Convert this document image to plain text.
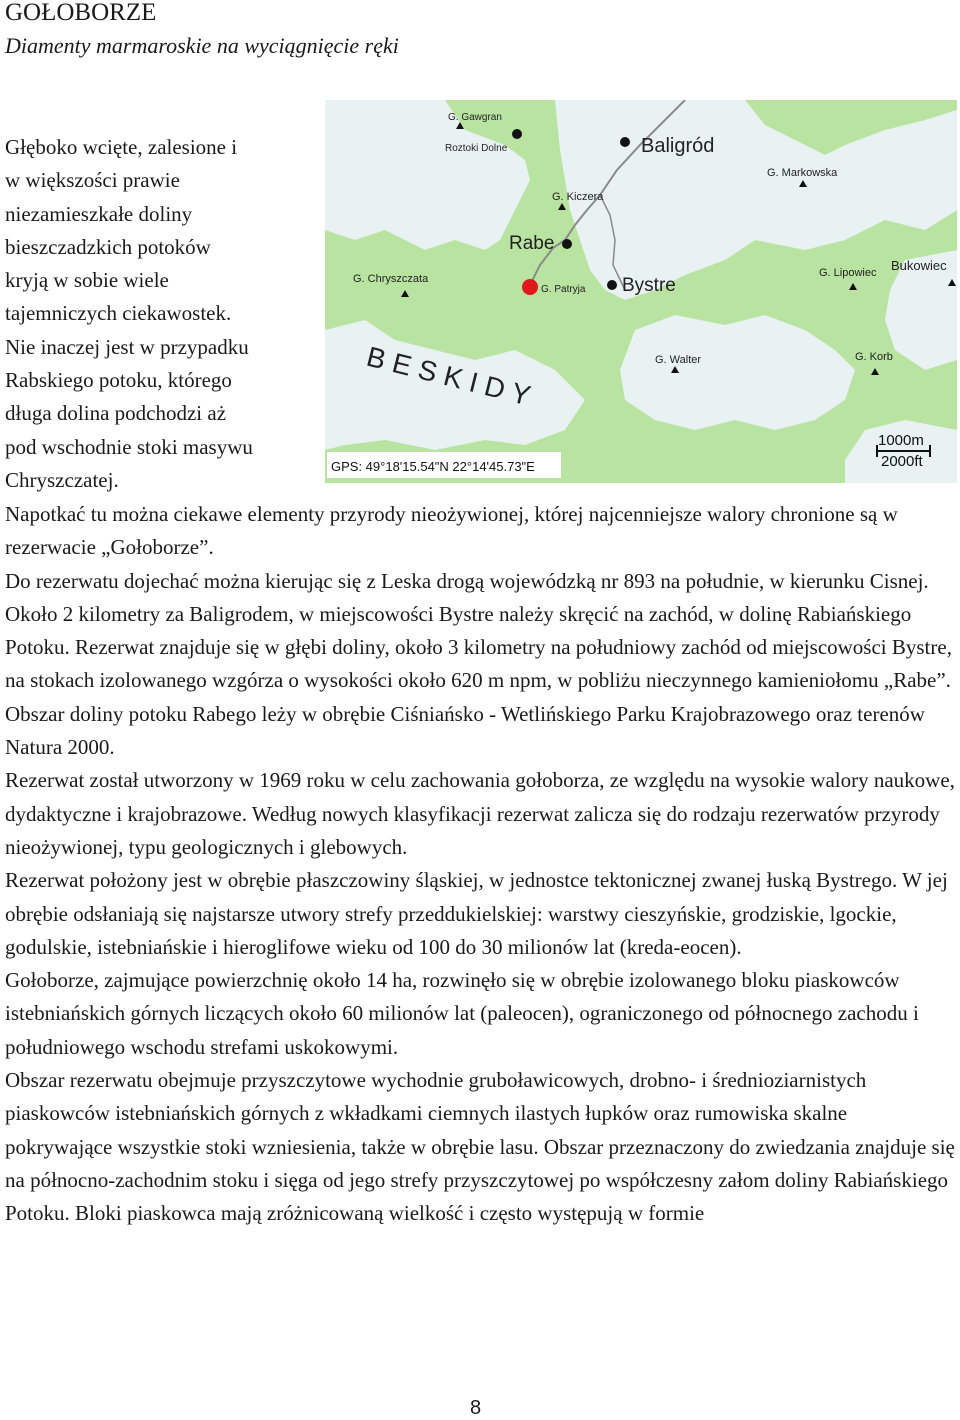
GOŁOBORZE
Diamenty marmaroskie na wyciągnięcie ręki
G. Gawgran
Roztoki Dolne	Baligród
G. Markowska
G. Kiczera
Rabe
G. Chryszczata
G. Patryja Bystre
G. Lipowiec Bukowiec
G. Walter	G. Korb
B E S K I D Y
GPS: 49°18'15.54"N 22°14'45.73"E
1000m
2000ft
Głęboko wcięte, zalesione i
w większości prawie
niezamieszkałe doliny
bieszczadzkich potoków
kryją w sobie wiele
tajemniczych ciekawostek.
Nie inaczej jest w przypadku
Rabskiego potoku, którego
długa dolina podchodzi aż
pod wschodnie stoki masywu
Chryszczatej.

Napotkać tu można ciekawe elementy przyrody nieożywionej, której najcenniejsze walory chronione są w rezerwacie „Gołoborze”.

Do rezerwatu dojechać można kierując się z Leska drogą wojewódzką nr 893 na południe, w kierunku Cisnej. Około 2 kilometry za Baligrodem, w miejscowości Bystre należy skręcić na zachód, w dolinę Rabiańskiego Potoku. Rezerwat znajduje się w głębi doliny, około 3 kilometry na południowy zachód od miejscowości Bystre, na stokach izolowanego wzgórza o wysokości około 620 m npm, w pobliżu nieczynnego kamieniołomu „Rabe”. Obszar doliny potoku Rabego leży w obrębie Ciśniańsko - Wetlińskiego Parku Krajobrazowego oraz terenów Natura 2000.

Rezerwat został utworzony w 1969 roku w celu zachowania gołoborza, ze względu na wysokie walory naukowe, dydaktyczne i krajobrazowe. Według nowych klasyfikacji rezerwat zalicza się do rodzaju rezerwatów przyrody nieożywionej, typu geologicznych i glebowych.

Rezerwat położony jest w obrębie płaszczowiny śląskiej, w jednostce tektonicznej zwanej łuską Bystrego. W jej obrębie odsłaniają się najstarsze utwory strefy przeddukielskiej: warstwy cieszyńskie, grodziskie, lgockie, godulskie, istebniańskie i hieroglifowe wieku od 100 do 30 milionów lat (kreda-eocen).

Gołoborze, zajmujące powierzchnię około 14 ha, rozwinęło się w obrębie izolowanego bloku piaskowców istebniańskich górnych liczących około 60 milionów lat (paleocen), ograniczonego od północnego zachodu i południowego wschodu strefami uskokowymi.

Obszar rezerwatu obejmuje przyszczytowe wychodnie gruboławicowych, drobno- i średnioziarnistych piaskowców istebniańskich górnych z wkładkami ciemnych ilastych łupków oraz rumowiska skalne pokrywające wszystkie stoki wzniesienia, także w obrębie lasu. Obszar przeznaczony do zwiedzania znajduje się na północno-zachodnim stoku i sięga od jego strefy przyszczytowej po współczesny załom doliny Rabiańskiego Potoku. Bloki piaskowca mają zróżnicowaną wielkość i często występują w formie

8
